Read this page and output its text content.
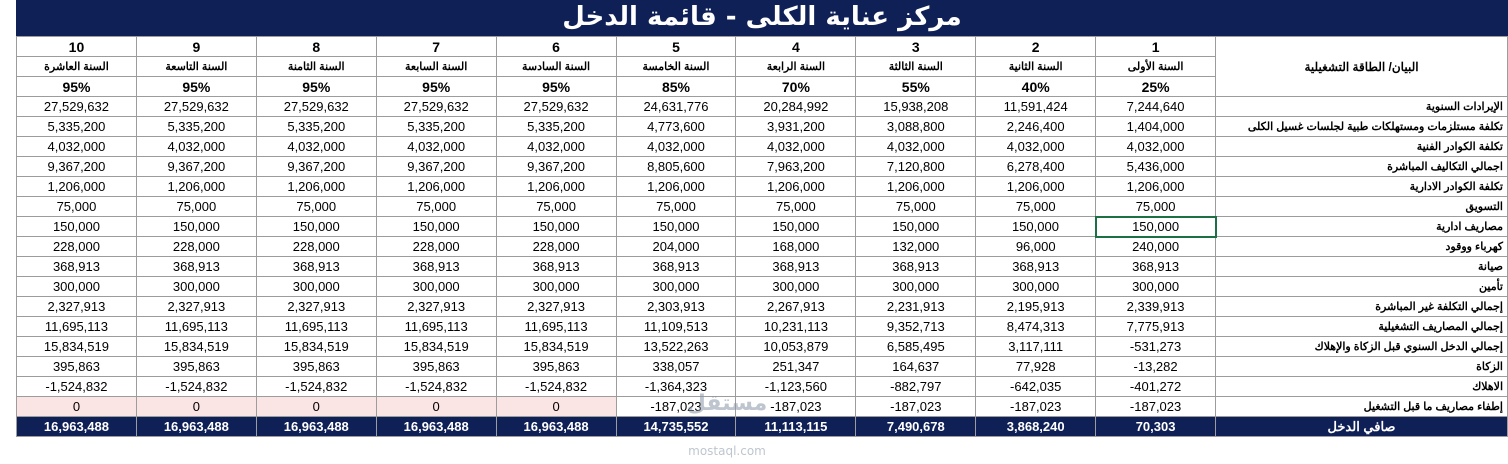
مركز عناية الكلى - قائمة الدخل
10	9	8	7	6	5	4	3	2	1	البيان/ الطاقة التشغيلية
السنة العاشرة	السنة التاسعة	السنة الثامنة	السنة السابعة	السنة السادسة	السنة الخامسة	السنة الرابعة	السنة الثالثة	السنة الثانية	السنة الأولى	
95%	95%	95%	95%	95%	85%	70%	55%	40%	25%	
27,529,632	27,529,632	27,529,632	27,529,632	27,529,632	24,631,776	20,284,992	15,938,208	11,591,424	7,244,640	الإيرادات السنوية
5,335,200	5,335,200	5,335,200	5,335,200	5,335,200	4,773,600	3,931,200	3,088,800	2,246,400	1,404,000	تكلفة مستلزمات ومستهلكات طبية لجلسات غسيل الكلى
4,032,000	4,032,000	4,032,000	4,032,000	4,032,000	4,032,000	4,032,000	4,032,000	4,032,000	4,032,000	تكلفة الكوادر الفنية
9,367,200	9,367,200	9,367,200	9,367,200	9,367,200	8,805,600	7,963,200	7,120,800	6,278,400	5,436,000	اجمالي التكاليف المباشرة
1,206,000	1,206,000	1,206,000	1,206,000	1,206,000	1,206,000	1,206,000	1,206,000	1,206,000	1,206,000	تكلفة الكوادر الادارية
75,000	75,000	75,000	75,000	75,000	75,000	75,000	75,000	75,000	75,000	التسويق
150,000	150,000	150,000	150,000	150,000	150,000	150,000	150,000	150,000	150,000	مصاريف ادارية
228,000	228,000	228,000	228,000	228,000	204,000	168,000	132,000	96,000	240,000	كهرباء ووقود
368,913	368,913	368,913	368,913	368,913	368,913	368,913	368,913	368,913	368,913	صيانة
300,000	300,000	300,000	300,000	300,000	300,000	300,000	300,000	300,000	300,000	تأمين
2,327,913	2,327,913	2,327,913	2,327,913	2,327,913	2,303,913	2,267,913	2,231,913	2,195,913	2,339,913	إجمالي التكلفة غير المباشرة
11,695,113	11,695,113	11,695,113	11,695,113	11,695,113	11,109,513	10,231,113	9,352,713	8,474,313	7,775,913	إجمالي المصاريف التشغيلية
15,834,519	15,834,519	15,834,519	15,834,519	15,834,519	13,522,263	10,053,879	6,585,495	3,117,111	-531,273	إجمالي الدخل السنوي قبل الزكاة والإهلاك
395,863	395,863	395,863	395,863	395,863	338,057	251,347	164,637	77,928	-13,282	الزكاة
-1,524,832	-1,524,832	-1,524,832	-1,524,832	-1,524,832	-1,364,323	-1,123,560	-882,797	-642,035	-401,272	الاهلاك
0	0	0	0	0	-187,023	-187,023	-187,023	-187,023	-187,023	إطفاء مصاريف ما قبل التشغيل
16,963,488	16,963,488	16,963,488	16,963,488	16,963,488	14,735,552	11,113,115	7,490,678	3,868,240	70,303	صافي الدخل
مستقل
mostaql.com
